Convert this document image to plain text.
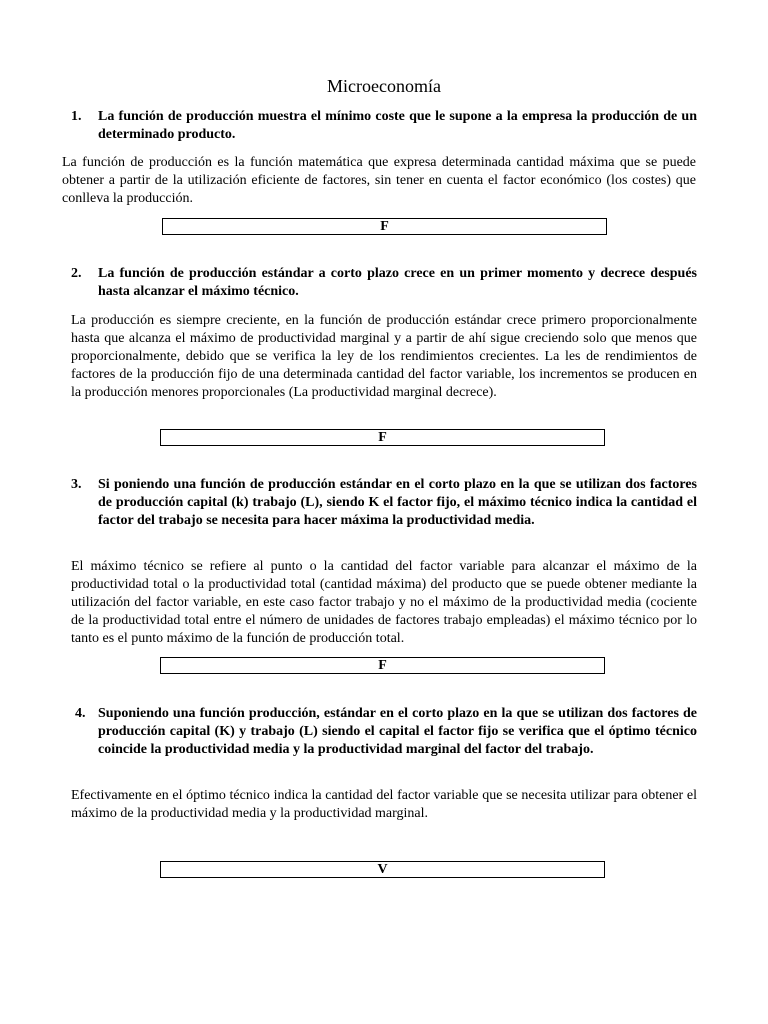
Microeconomía
1. La función de producción muestra el mínimo coste que le supone a la empresa la producción de un determinado producto.
La función de producción es la función matemática que expresa determinada cantidad máxima que se puede obtener a partir de la utilización eficiente de factores, sin tener en cuenta el factor económico (los costes) que conlleva la producción.
F
2. La función de producción estándar a corto plazo crece en un primer momento y decrece después hasta alcanzar el máximo técnico.
La producción es siempre creciente, en la función de producción estándar crece primero proporcionalmente hasta que alcanza el máximo de productividad marginal y a partir de ahí sigue creciendo solo que menos que proporcionalmente, debido que se verifica la ley de los rendimientos crecientes. La les de rendimientos de factores de la producción fijo de una determinada cantidad del factor variable, los incrementos se producen en la producción menores proporcionales (La productividad marginal decrece).
F
3. Si poniendo una función de producción estándar en el corto plazo en la que se utilizan dos factores de producción capital (k) trabajo (L), siendo K el factor fijo, el máximo técnico indica la cantidad el factor del trabajo se necesita para hacer máxima la productividad media.
El máximo técnico se refiere al punto o la cantidad del factor variable para alcanzar el máximo de la productividad total o la productividad total (cantidad máxima) del producto que se puede obtener mediante la utilización del factor variable, en este caso factor trabajo y no el máximo de la productividad media (cociente de la productividad total entre el número de unidades de factores trabajo empleadas) el máximo técnico por lo tanto es el punto máximo de la función de producción total.
F
4. Suponiendo una función producción, estándar en el corto plazo en la que se utilizan dos factores de producción capital (K) y trabajo (L) siendo el capital el factor fijo se verifica que el óptimo técnico coincide la productividad media y la productividad marginal del factor del trabajo.
Efectivamente en el óptimo técnico indica la cantidad del factor variable que se necesita utilizar para obtener el máximo de la productividad media y la productividad marginal.
V
